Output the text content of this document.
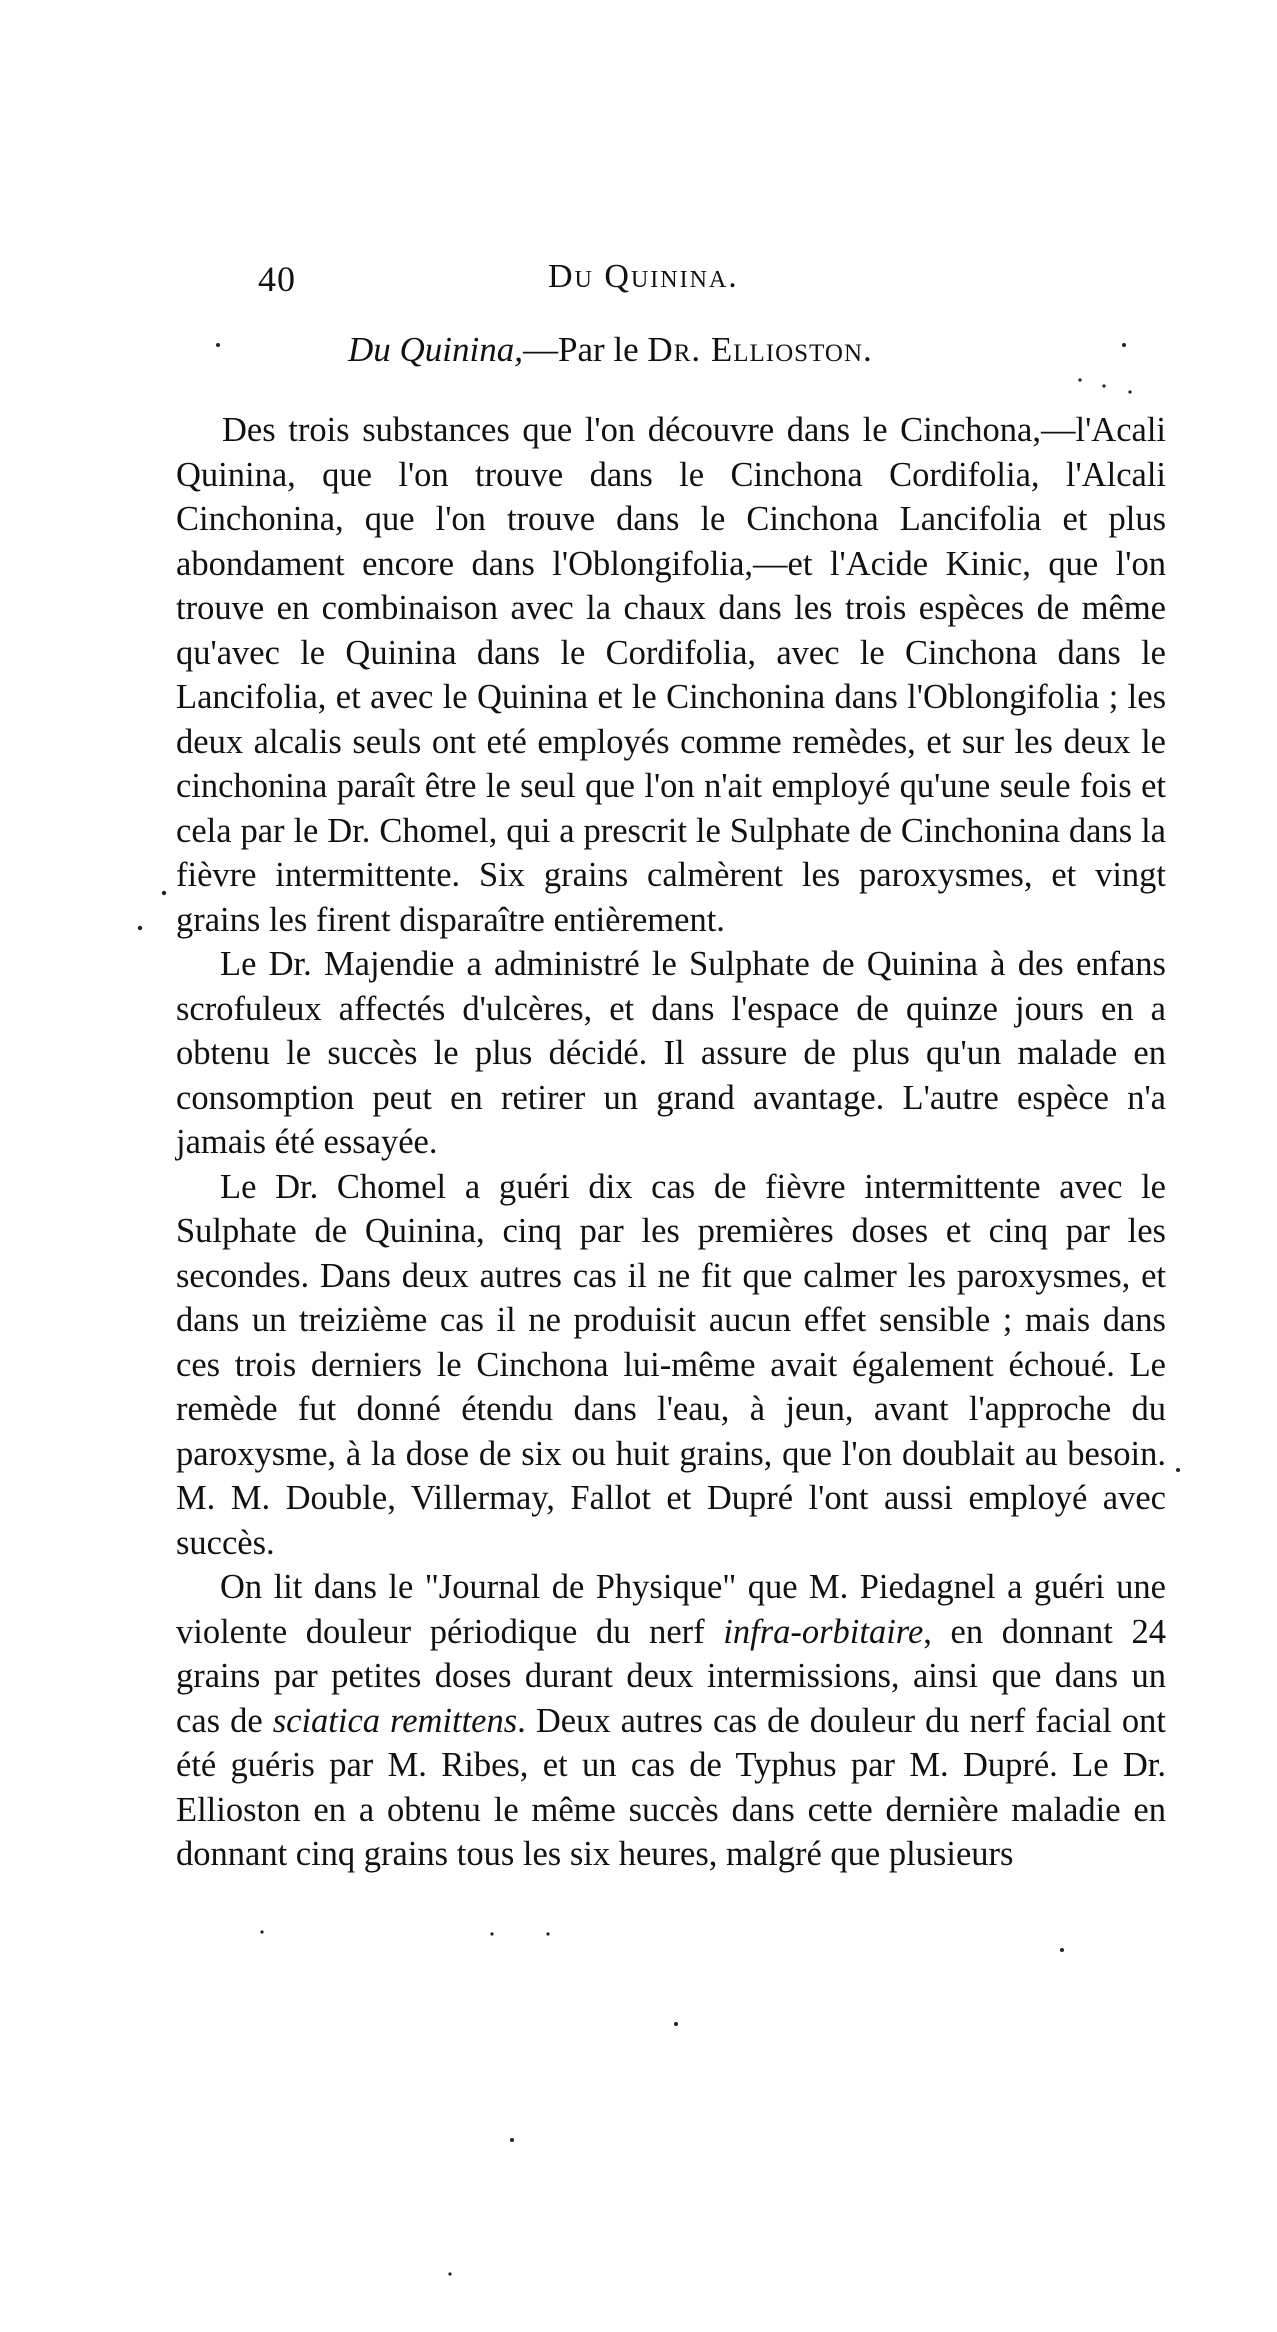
40	Du Quinina.
Du Quinina,—Par le Dr. Ellioston.

Des trois substances que l'on découvre dans le Cinchona,—l'Acali Quinina, que l'on trouve dans le Cinchona Cordifolia, l'Alcali Cinchonina, que l'on trouve dans le Cinchona Lancifolia et plus abondament encore dans l'Oblongifolia,—et l'Acide Kinic, que l'on trouve en combinaison avec la chaux dans les trois espèces de même qu'avec le Quinina dans le Cordifolia, avec le Cinchona dans le Lancifolia, et avec le Quinina et le Cinchonina dans l'Oblongifolia ; les deux alcalis seuls ont eté employés comme remèdes, et sur les deux le cinchonina paraît être le seul que l'on n'ait employé qu'une seule fois et cela par le Dr. Chomel, qui a prescrit le Sulphate de Cinchonina dans la fièvre intermittente. Six grains calmèrent les paroxysmes, et vingt grains les firent disparaître entièrement.

Le Dr. Majendie a administré le Sulphate de Quinina à des enfans scrofuleux affectés d'ulcères, et dans l'espace de quinze jours en a obtenu le succès le plus décidé. Il assure de plus qu'un malade en consomption peut en retirer un grand avantage. L'autre espèce n'a jamais été essayée.

Le Dr. Chomel a guéri dix cas de fièvre intermittente avec le Sulphate de Quinina, cinq par les premières doses et cinq par les secondes. Dans deux autres cas il ne fit que calmer les paroxysmes, et dans un treizième cas il ne produisit aucun effet sensible ; mais dans ces trois derniers le Cinchona lui-même avait également échoué. Le remède fut donné étendu dans l'eau, à jeun, avant l'approche du paroxysme, à la dose de six ou huit grains, que l'on doublait au besoin. M. M. Double, Villermay, Fallot et Dupré l'ont aussi employé avec succès.

On lit dans le "Journal de Physique" que M. Piedagnel a guéri une violente douleur périodique du nerf infra-orbitaire, en donnant 24 grains par petites doses durant deux intermissions, ainsi que dans un cas de sciatica remittens. Deux autres cas de douleur du nerf facial ont été guéris par M. Ribes, et un cas de Typhus par M. Dupré. Le Dr. Ellioston en a obtenu le même succès dans cette dernière maladie en donnant cinq grains tous les six heures, malgré que plusieurs
